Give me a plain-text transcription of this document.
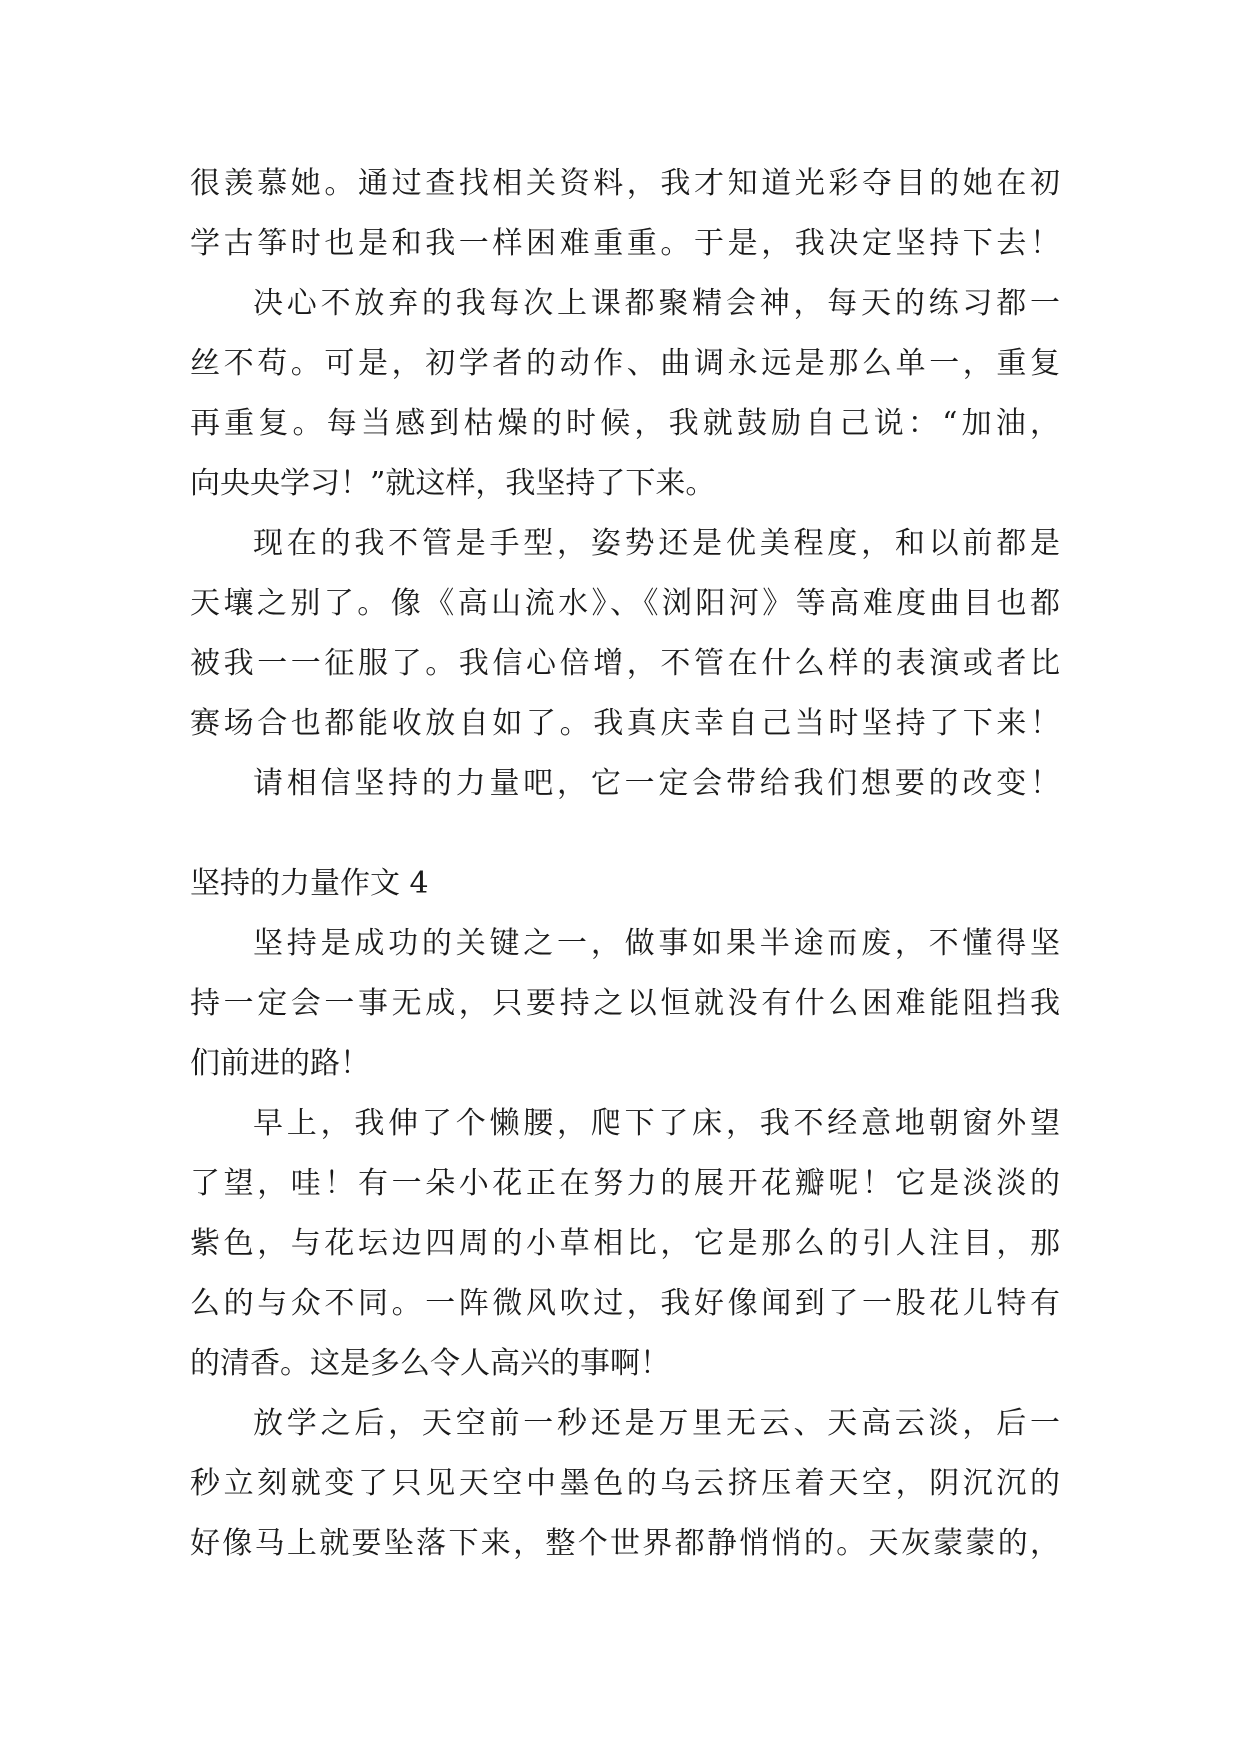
很羡慕她。通过查找相关资料，我才知道光彩夺目的她在初
学古筝时也是和我一样困难重重。于是，我决定坚持下去！
决心不放弃的我每次上课都聚精会神，每天的练习都一
丝不苟。可是，初学者的动作、曲调永远是那么单一，重复
再重复。每当感到枯燥的时候，我就鼓励自己说：“加油，
向央央学习！”就这样，我坚持了下来。
现在的我不管是手型，姿势还是优美程度，和以前都是
天壤之别了。像《高山流水》、《浏阳河》等高难度曲目也都
被我一一征服了。我信心倍增，不管在什么样的表演或者比
赛场合也都能收放自如了。我真庆幸自己当时坚持了下来！
请相信坚持的力量吧，它一定会带给我们想要的改变！
坚持的力量作文 4
坚持是成功的关键之一，做事如果半途而废，不懂得坚
持一定会一事无成，只要持之以恒就没有什么困难能阻挡我
们前进的路！
早上，我伸了个懒腰，爬下了床，我不经意地朝窗外望
了望，哇！有一朵小花正在努力的展开花瓣呢！它是淡淡的
紫色，与花坛边四周的小草相比，它是那么的引人注目，那
么的与众不同。一阵微风吹过，我好像闻到了一股花儿特有
的清香。这是多么令人高兴的事啊！
放学之后，天空前一秒还是万里无云、天高云淡，后一
秒立刻就变了只见天空中墨色的乌云挤压着天空，阴沉沉的
好像马上就要坠落下来，整个世界都静悄悄的。天灰蒙蒙的，
